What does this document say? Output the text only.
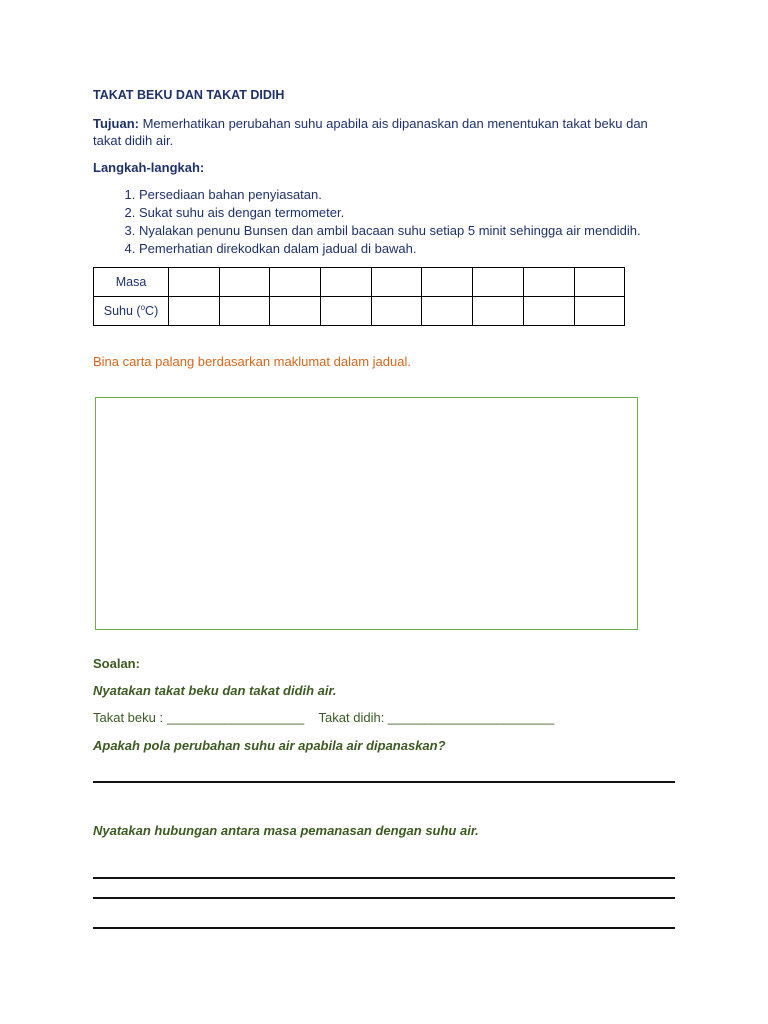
TAKAT BEKU DAN TAKAT DIDIH
Tujuan: Memerhatikan perubahan suhu apabila ais dipanaskan dan menentukan takat beku dan takat didih air.
Langkah-langkah:
1. Persediaan bahan penyiasatan.
2. Sukat suhu ais dengan termometer.
3. Nyalakan penunu Bunsen dan ambil bacaan suhu setiap 5 minit sehingga air mendidih.
4. Pemerhatian direkodkan dalam jadual di bawah.
Masa									
Suhu ($^o$C)									
Bina carta palang berdasarkan maklumat dalam jadual.
Soalan:
Nyatakan takat beku dan takat didih air.
Takat beku : ___________________ Takat didih: _______________________
Apakah pola perubahan suhu air apabila air dipanaskan?
Nyatakan hubungan antara masa pemanasan dengan suhu air.
